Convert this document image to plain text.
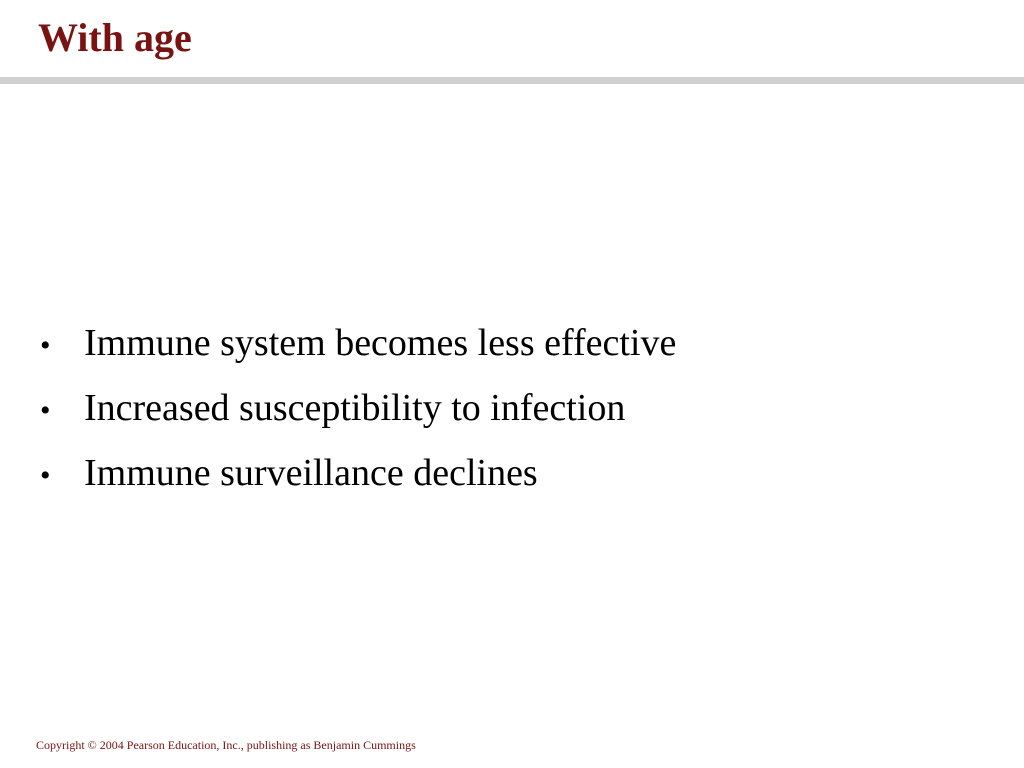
With age
• Immune system becomes less effective
• Increased susceptibility to infection
• Immune surveillance declines
Copyright © 2004 Pearson Education, Inc., publishing as Benjamin Cummings
